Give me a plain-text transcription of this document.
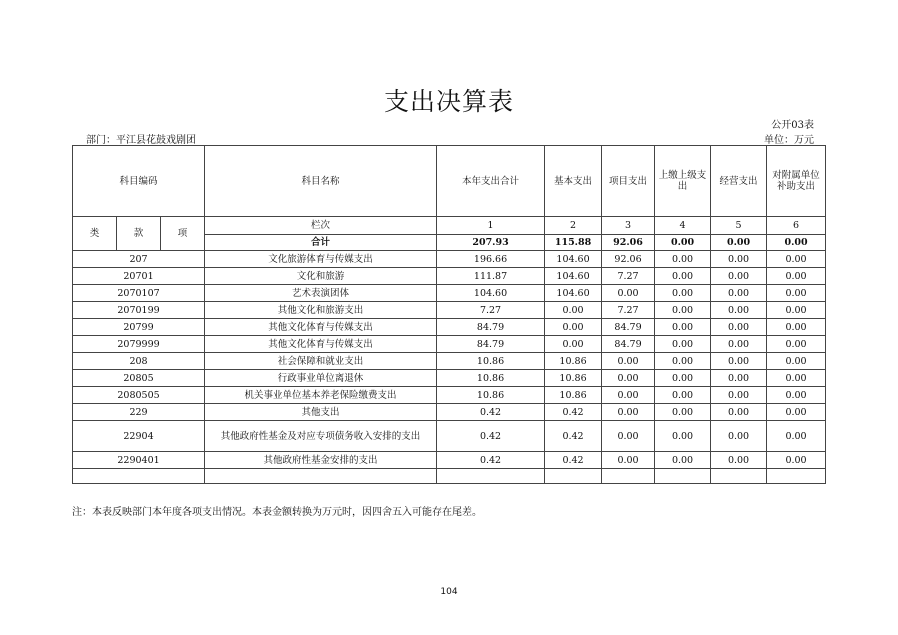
支出决算表
公开03表
部门：平江县花鼓戏剧团	单位：万元
科目编码			科目名称	本年支出合计	基本支出	项目支出	上缴上级支出	经营支出	对附属单位补助支出
类	款	项	栏次	1	2	3	4	5	6
			合计	207.93	115.88	92.06	0.00	0.00	0.00
207			文化旅游体育与传媒支出	196.66	104.60	92.06	0.00	0.00	0.00
20701			文化和旅游	111.87	104.60	7.27	0.00	0.00	0.00
2070107			艺术表演团体	104.60	104.60	0.00	0.00	0.00	0.00
2070199			其他文化和旅游支出	7.27	0.00	7.27	0.00	0.00	0.00
20799			其他文化体育与传媒支出	84.79	0.00	84.79	0.00	0.00	0.00
2079999			其他文化体育与传媒支出	84.79	0.00	84.79	0.00	0.00	0.00
208			社会保障和就业支出	10.86	10.86	0.00	0.00	0.00	0.00
20805			行政事业单位离退休	10.86	10.86	0.00	0.00	0.00	0.00
2080505			机关事业单位基本养老保险缴费支出	10.86	10.86	0.00	0.00	0.00	0.00
229			其他支出	0.42	0.42	0.00	0.00	0.00	0.00
22904			其他政府性基金及对应专项债务收入安排的支出	0.42	0.42	0.00	0.00	0.00	0.00
2290401			其他政府性基金安排的支出	0.42	0.42	0.00	0.00	0.00	0.00

注：本表反映部门本年度各项支出情况。本表金额转换为万元时，因四舍五入可能存在尾差。
104
